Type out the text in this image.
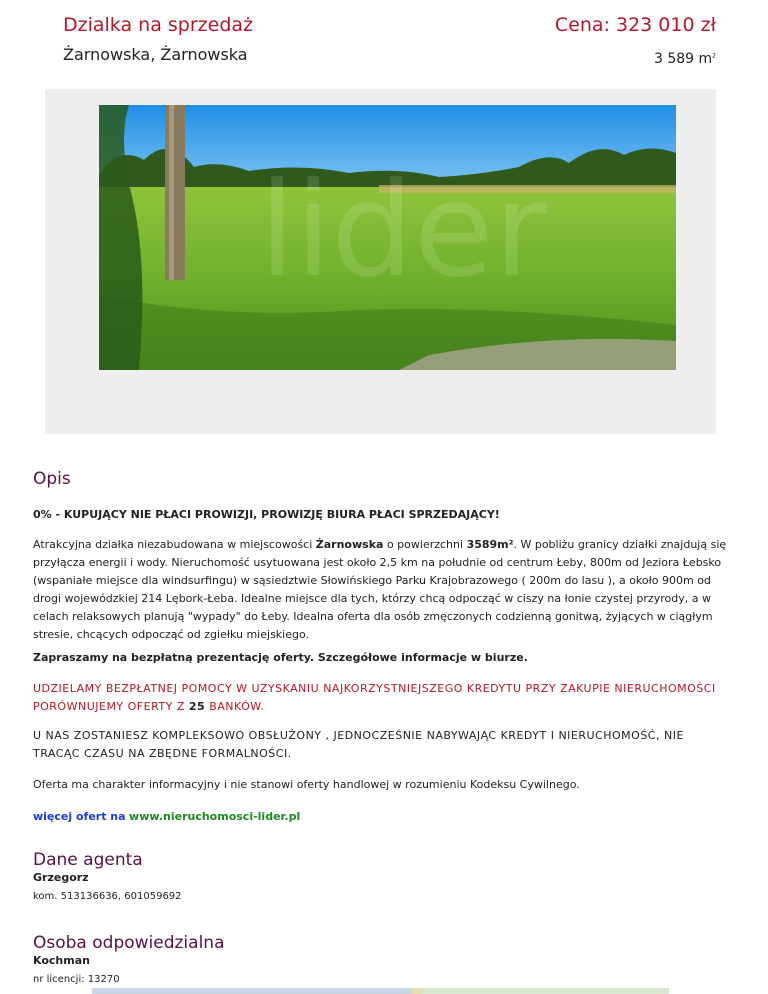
Dzialka na sprzedaż	Cena: 323 010 zł
Żarnowska, Żarnowska	3 589 $m^2$
lider
Opis

0% - KUPUJĄCY NIE PŁACI PROWIZJI, PROWIZJĘ BIURA PŁACI SPRZEDAJĄCY!

Atrakcyjna działka niezabudowana w miejscowości Żarnowska o powierzchni 3589m². W pobliżu granicy działki znajdują się przyłącza energii i wody. Nieruchomość usytuowana jest około 2,5 km na południe od centrum Łeby, 800m od Jeziora Łebsko (wspaniałe miejsce dla windsurfingu) w sąsiedztwie Słowińskiego Parku Krajobrazowego ( 200m do lasu ), a około 900m od drogi wojewódzkiej 214 Lębork-Łeba. Idealne miejsce dla tych, którzy chcą odpocząć w ciszy na łonie czystej przyrody, a w celach relaksowych planują "wypady" do Łeby. Idealna oferta dla osób zmęczonych codzienną gonitwą, żyjących w ciągłym stresie, chcących odpocząć od zgiełku miejskiego.

Zapraszamy na bezpłatną prezentację oferty. Szczegółowe informacje w biurze.

UDZIELAMY BEZPŁATNEJ POMOCY W UZYSKANIU NAJKORZYSTNIEJSZEGO KREDYTU PRZY ZAKUPIE NIERUCHOMOŚCI PORÓWNUJEMY OFERTY Z 25 BANKÓW.

U NAS ZOSTANIESZ KOMPLEKSOWO OBSŁUŻONY , JEDNOCZEŚNIE NABYWAJĄC KREDYT I NIERUCHOMOŚĆ, NIE TRACĄC CZASU NA ZBĘDNE FORMALNOŚCI.

Oferta ma charakter informacyjny i nie stanowi oferty handlowej w rozumieniu Kodeksu Cywilnego.

więcej ofert na www.nieruchomosci-lider.pl

Dane agenta
Grzegorz
kom. 513136636, 601059692
Osoba odpowiedzialna
Kochman
nr licencji: 13270
